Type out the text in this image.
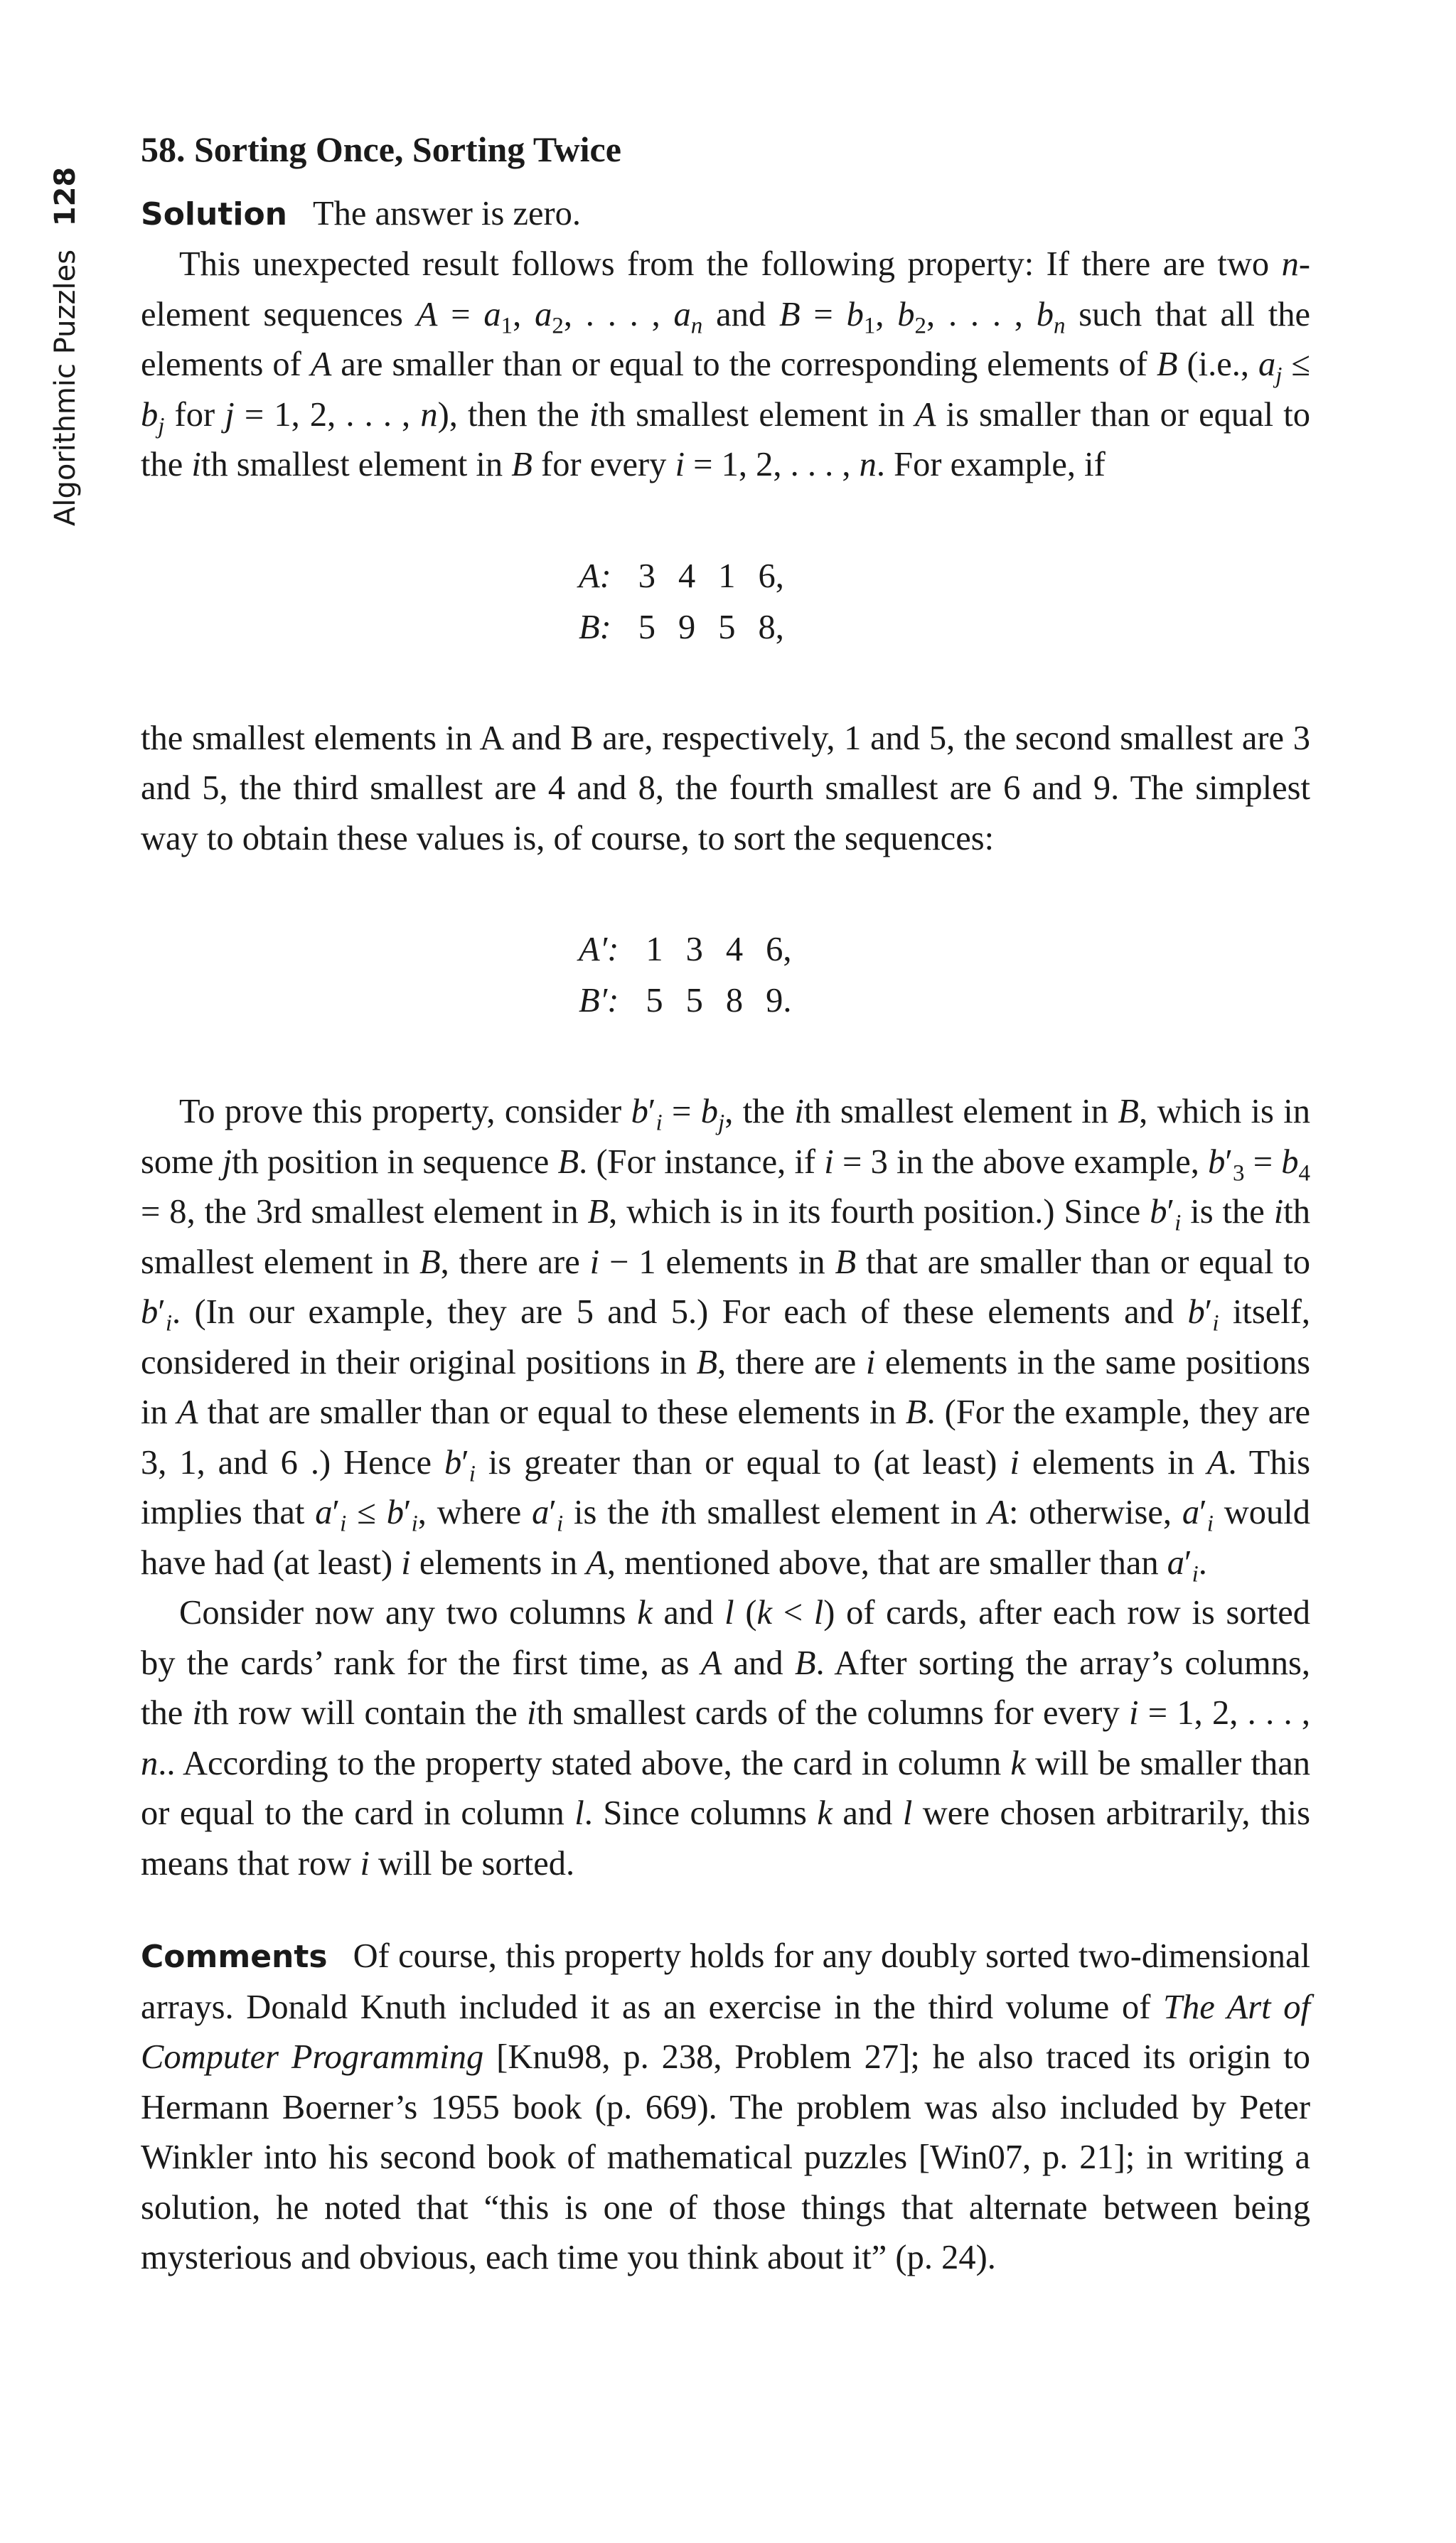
Algorithmic Puzzles 128
58. Sorting Once, Sorting Twice

Solution The answer is zero.

This unexpected result follows from the following property: If there are two n-element sequences $A = a_1$, $a_2$, . . . , $a_n$ and $B = b_1$, $b_2$, . . . , $b_n$ such that all the elements of A are smaller than or equal to the corresponding elements of B (i.e., $a_j \le b_j$ for j = 1, 2, . . . , n), then the ith smallest element in A is smaller than or equal to the ith smallest element in B for every i = 1, 2, . . . , n. For example, if

A:	3	4	1	6,
B:	5	9	5	8,

the smallest elements in A and B are, respectively, 1 and 5, the second smallest are 3 and 5, the third smallest are 4 and 8, the fourth smallest are 6 and 9. The simplest way to obtain these values is, of course, to sort the sequences:

A′:	1	3	4	6,
B′:	5	5	8	9.

To prove this property, consider $b'_i = b_j$, the ith smallest element in B, which is in some jth position in sequence B. (For instance, if i = 3 in the above example, $b'_3 = b_4 = 8$, the 3rd smallest element in B, which is in its fourth position.) Since $b'_i$ is the ith smallest element in B, there are i − 1 elements in B that are smaller than or equal to $b'_i$. (In our example, they are 5 and 5.) For each of these elements and $b'_i$ itself, considered in their original positions in B, there are i elements in the same positions in A that are smaller than or equal to these elements in B. (For the example, they are 3, 1, and 6 .) Hence $b'_i$ is greater than or equal to (at least) i elements in A. This implies that $a'_i \le b'_i$, where $a'_i$ is the ith smallest element in A: otherwise, $a'_i$ would have had (at least) i elements in A, mentioned above, that are smaller than $a'_i$.

Consider now any two columns k and l (k < l) of cards, after each row is sorted by the cards’ rank for the first time, as A and B. After sorting the array’s columns, the ith row will contain the ith smallest cards of the columns for every i = 1, 2, . . . , n.. According to the property stated above, the card in column k will be smaller than or equal to the card in column l. Since columns k and l were chosen arbitrarily, this means that row i will be sorted.

Comments Of course, this property holds for any doubly sorted two-dimensional arrays. Donald Knuth included it as an exercise in the third volume of The Art of Computer Programming [Knu98, p. 238, Problem 27]; he also traced its origin to Hermann Boerner’s 1955 book (p. 669). The problem was also included by Peter Winkler into his second book of mathematical puzzles [Win07, p. 21]; in writing a solution, he noted that “this is one of those things that alternate between being mysterious and obvious, each time you think about it” (p. 24).
